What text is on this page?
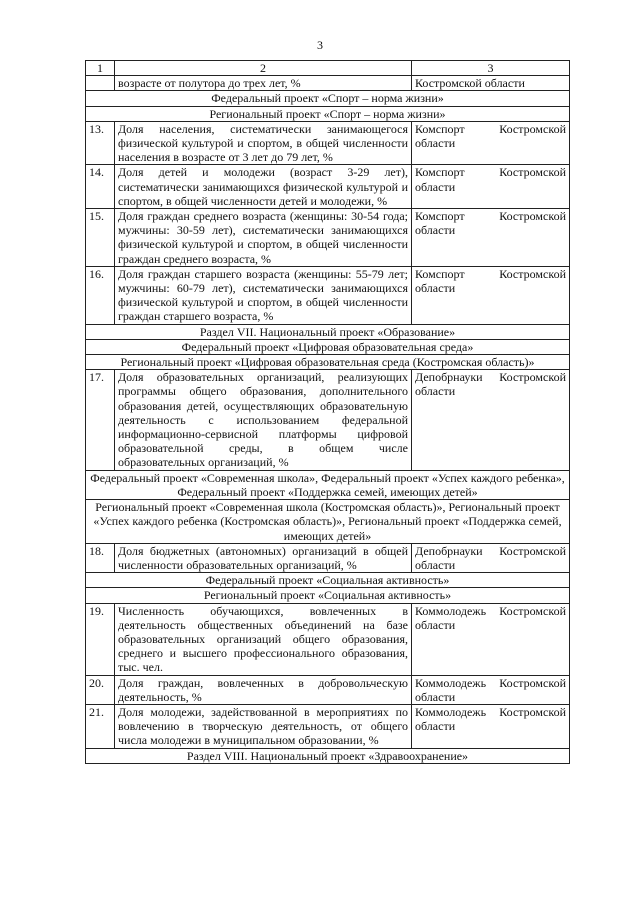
3
1	2	3
	возрасте от полутора до трех лет, %	Костромской области
Федеральный проект «Спорт – норма жизни»		
Региональный проект «Спорт – норма жизни»		
13.	Доля населения, систематически занимающегося физической культурой и спортом, в общей численности населения в возрасте от 3 лет до 79 лет, %	Комспорт Костромской области
14.	Доля детей и молодежи (возраст 3-29 лет), систематически занимающихся физической культурой и спортом, в общей численности детей и молодежи, %	Комспорт Костромской области
15.	Доля граждан среднего возраста (женщины: 30-54 года; мужчины: 30-59 лет), систематически занимающихся физической культурой и спортом, в общей численности граждан среднего возраста, %	Комспорт Костромской области
16.	Доля граждан старшего возраста (женщины: 55-79 лет; мужчины: 60-79 лет), систематически занимающихся физической культурой и спортом, в общей численности граждан старшего возраста, %	Комспорт Костромской области
Раздел VII. Национальный проект «Образование»		
Федеральный проект «Цифровая образовательная среда»		
Региональный проект «Цифровая образовательная среда (Костромская область)»		
17.	Доля образовательных организаций, реализующих программы общего образования, дополнительного образования детей, осуществляющих образовательную деятельность с использованием федеральной информационно-сервисной платформы цифровой образовательной среды, в общем числе образовательных организаций, %	Депобрнауки Костромской области
Федеральный проект «Современная школа», Федеральный проект «Успех каждого ребенка», Федеральный проект «Поддержка семей, имеющих детей»		
Региональный проект «Современная школа (Костромская область)», Региональный проект «Успех каждого ребенка (Костромская область)», Региональный проект «Поддержка семей, имеющих детей»		
18.	Доля бюджетных (автономных) организаций в общей численности образовательных организаций, %	Депобрнауки Костромской области
Федеральный проект «Социальная активность»		
Региональный проект «Социальная активность»		
19.	Численность обучающихся, вовлеченных в деятельность общественных объединений на базе образовательных организаций общего образования, среднего и высшего профессионального образования, тыс. чел.	Коммолодежь Костромской области
20.	Доля граждан, вовлеченных в добровольческую деятельность, %	Коммолодежь Костромской области
21.	Доля молодежи, задействованной в мероприятиях по вовлечению в творческую деятельность, от общего числа молодежи в муниципальном образовании, %	Коммолодежь Костромской области
Раздел VIII. Национальный проект «Здравоохранение»		
